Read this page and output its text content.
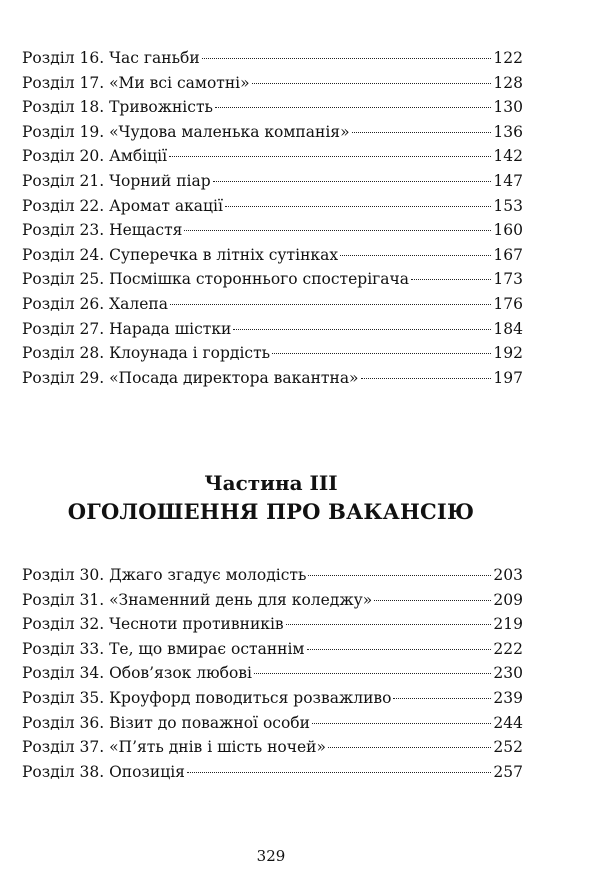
Розділ 16. Час ганьби	122
Розділ 17. «Ми всі самотні»	128
Розділ 18. Тривожність	130
Розділ 19. «Чудова маленька компанія»	136
Розділ 20. Амбіції	142
Розділ 21. Чорний піар	147
Розділ 22. Аромат акації	153
Розділ 23. Нещастя	160
Розділ 24. Суперечка в літніх сутінках	167
Розділ 25. Посмішка стороннього спостерігача	173
Розділ 26. Халепа	176
Розділ 27. Нарада шістки	184
Розділ 28. Клоунада і гордість	192
Розділ 29. «Посада директора вакантна»	197
Частина III
ОГОЛОШЕННЯ ПРО ВАКАНСІЮ
Розділ 30. Джаго згадує молодість	203
Розділ 31. «Знаменний день для коледжу»	209
Розділ 32. Чесноти противників	219
Розділ 33. Те, що вмирає останнім	222
Розділ 34. Обов’язок любові	230
Розділ 35. Кроуфорд поводиться розважливо	239
Розділ 36. Візит до поважної особи	244
Розділ 37. «П’ять днів і шість ночей»	252
Розділ 38. Опозиція	257
329
